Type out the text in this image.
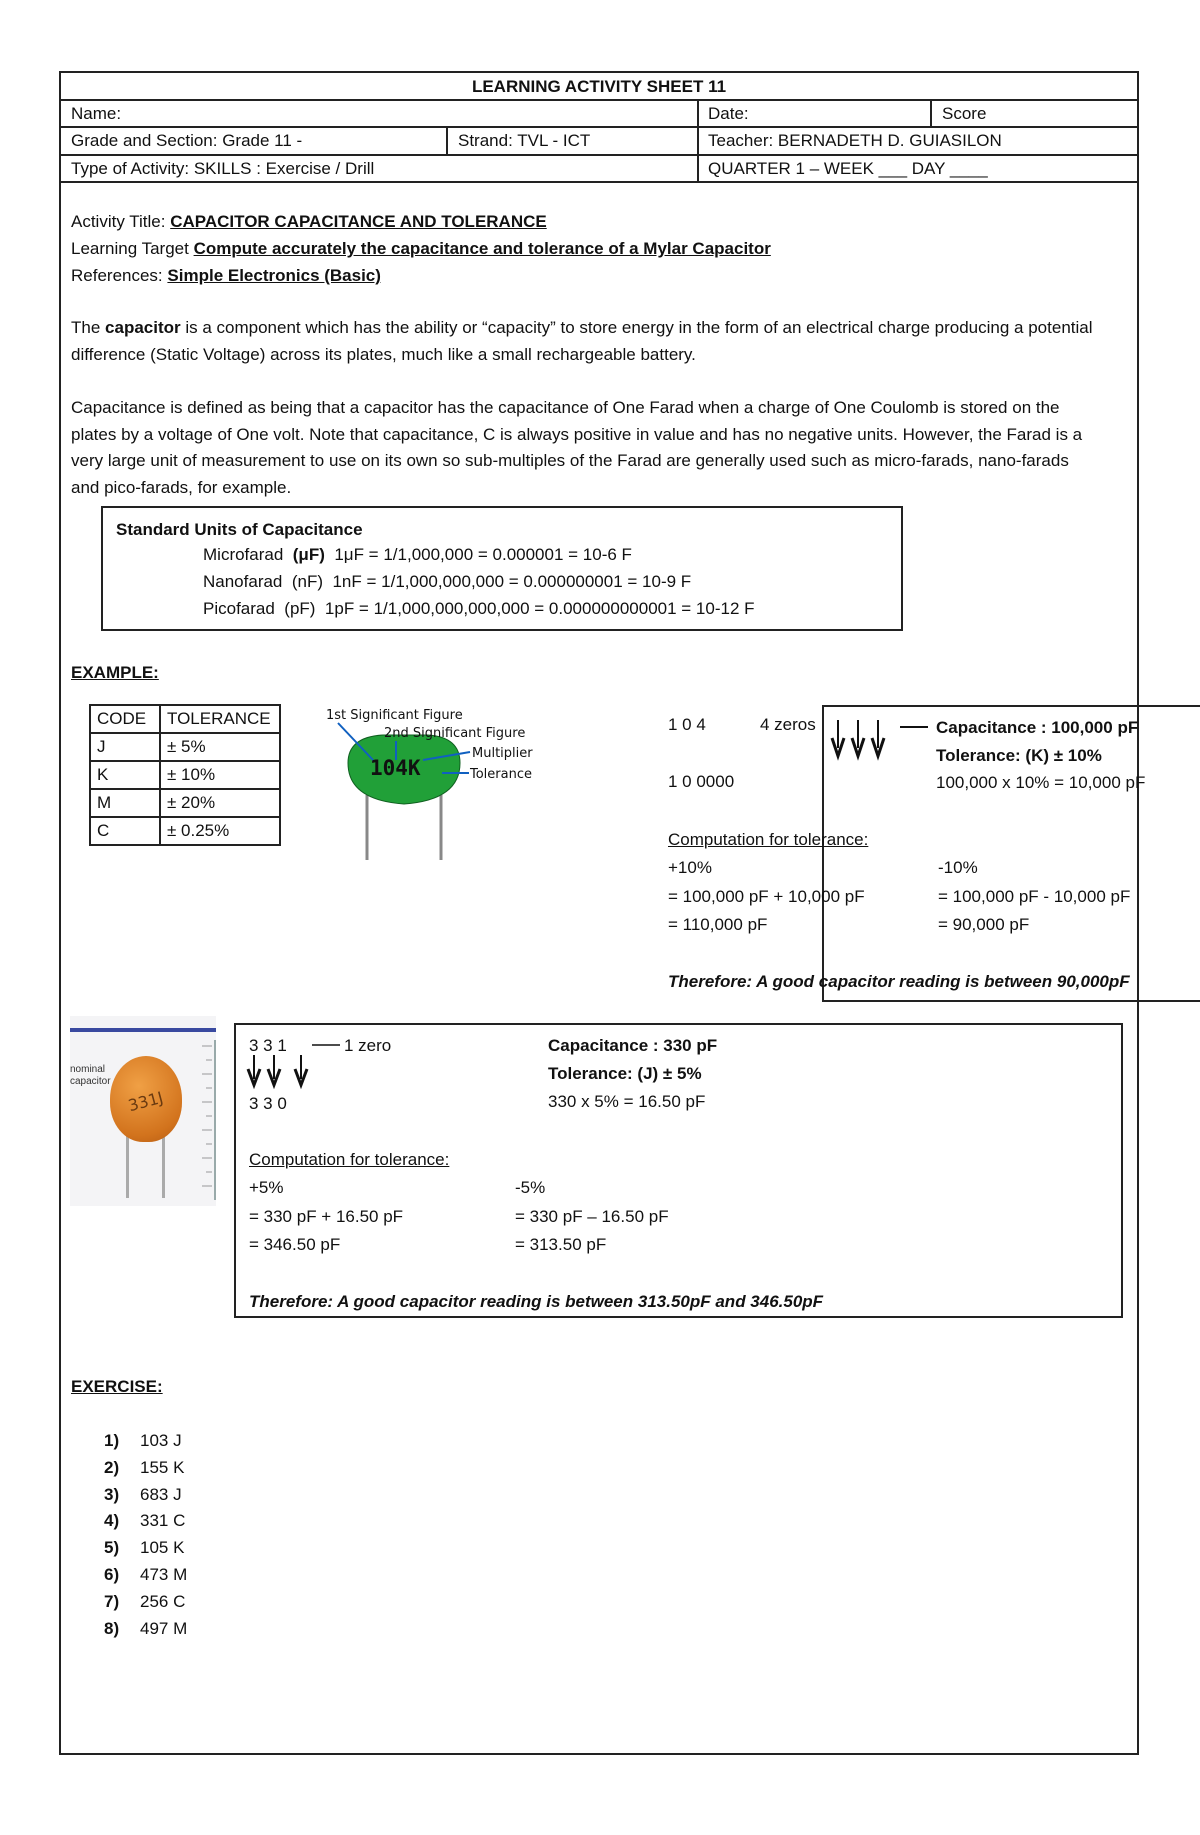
LEARNING ACTIVITY SHEET 11
Name:	Date:	Score
Grade and Section: Grade 11 -	Strand: TVL - ICT	Teacher: BERNADETH D. GUIASILON
Type of Activity: SKILLS : Exercise / Drill	QUARTER 1 – WEEK ___ DAY ____
Activity Title: CAPACITOR CAPACITANCE AND TOLERANCE
Learning Target Compute accurately the capacitance and tolerance of a Mylar Capacitor
References: Simple Electronics (Basic)
The capacitor is a component which has the ability or “capacity” to store energy in the form of an electrical charge producing a potential difference (Static Voltage) across its plates, much like a small rechargeable battery.
Capacitance is defined as being that a capacitor has the capacitance of One Farad when a charge of One Coulomb is stored on the plates by a voltage of One volt. Note that capacitance, C is always positive in value and has no negative units. However, the Farad is a very large unit of measurement to use on its own so sub-multiples of the Farad are generally used such as micro-farads, nano-farads and pico-farads, for example.
Standard Units of Capacitance
Microfarad (μF) 1μF = 1/1,000,000 = 0.000001 = 10-6 F
Nanofarad (nF) 1nF = 1/1,000,000,000 = 0.000000001 = 10-9 F
Picofarad (pF) 1pF = 1/1,000,000,000,000 = 0.000000000001 = 10-12 F
EXAMPLE:
CODE	TOLERANCE
J	± 5%
K	± 10%
M	± 20%
C	± 0.25%
104K
1st Significant Figure
2nd Significant Figure
Multiplier
Tolerance
1 0 4	4 zeros
1 0 0000
Capacitance : 100,000 pF
Tolerance: (K) ± 10%
100,000 x 10% = 10,000 pF
Computation for tolerance:
+10%
= 100,000 pF + 10,000 pF
= 110,000 pF
-10%
= 100,000 pF - 10,000 pF
= 90,000 pF
Therefore: A good capacitor reading is between 90,000pF
nominal
capacitor
331J
3 3 1	1 zero
3 3 0
Capacitance : 330 pF
Tolerance: (J) ± 5%
330 x 5% = 16.50 pF
Computation for tolerance:
+5%
= 330 pF + 16.50 pF
= 346.50 pF
-5%
= 330 pF – 16.50 pF
= 313.50 pF
Therefore: A good capacitor reading is between 313.50pF and 346.50pF
EXERCISE:
1) 103 J
2) 155 K
3) 683 J
4) 331 C
5) 105 K
6) 473 M
7) 256 C
8) 497 M
